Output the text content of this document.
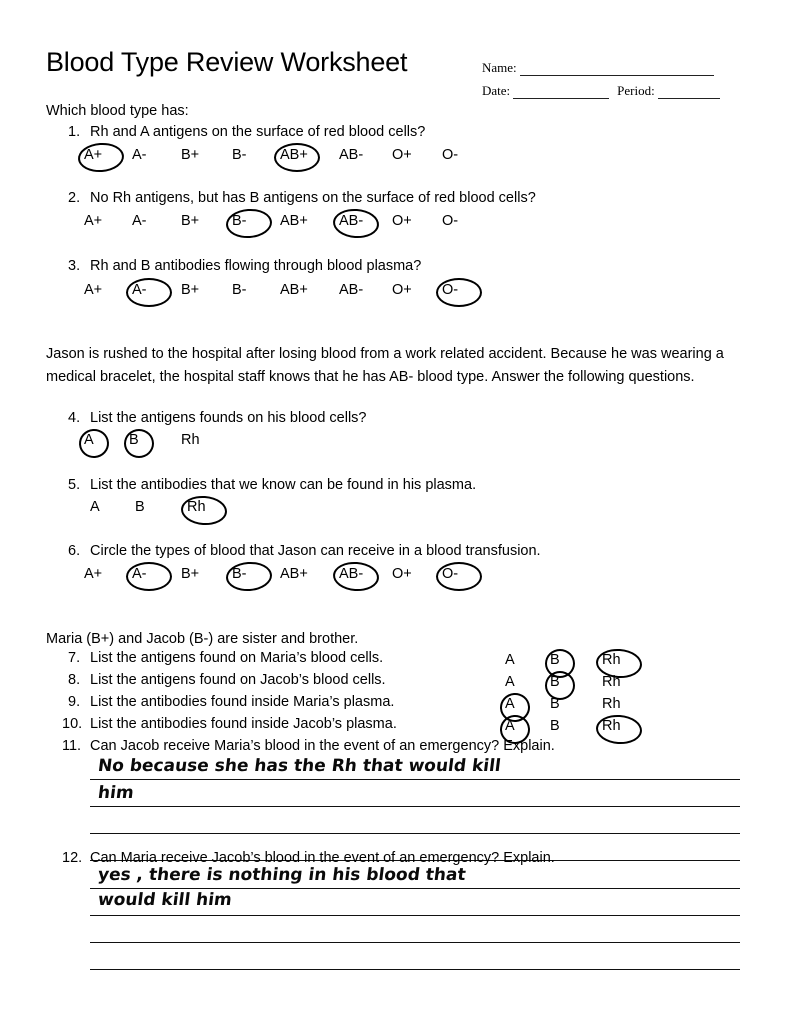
Blood Type Review Worksheet	Name:
Date:	Period:
Which blood type has:
1. Rh and A antigens on the surface of red blood cells?
A+ A- B+ B- AB+ AB- O+ O-
2. No Rh antigens, but has B antigens on the surface of red blood cells?
A+ A- B+ B- AB+ AB- O+ O-
3. Rh and B antibodies flowing through blood plasma?
A+ A- B+ B- AB+ AB- O+ O-
Jason is rushed to the hospital after losing blood from a work related accident. Because he was wearing a medical bracelet, the hospital staff knows that he has AB- blood type. Answer the following questions.
4. List the antigens founds on his blood cells?
A B	Rh
5. List the antibodies that we know can be found in his plasma.
A B	Rh
6. Circle the types of blood that Jason can receive in a blood transfusion.
A+ A- B+ B- AB+ AB- O+ O-
Maria (B+) and Jacob (B-) are sister and brother.
7. List the antigens found on Maria’s blood cells.	A B	Rh
8. List the antigens found on Jacob’s blood cells.	A B	Rh
9. List the antibodies found inside Maria’s plasma.	A B	Rh
10. List the antibodies found inside Jacob’s plasma.	A B	Rh
11. Can Jacob receive Maria’s blood in the event of an emergency? Explain.
No because she has the Rh that would kill
him
12. Can Maria receive Jacob’s blood in the event of an emergency? Explain.
yes , there is nothing in his blood that
would kill him
